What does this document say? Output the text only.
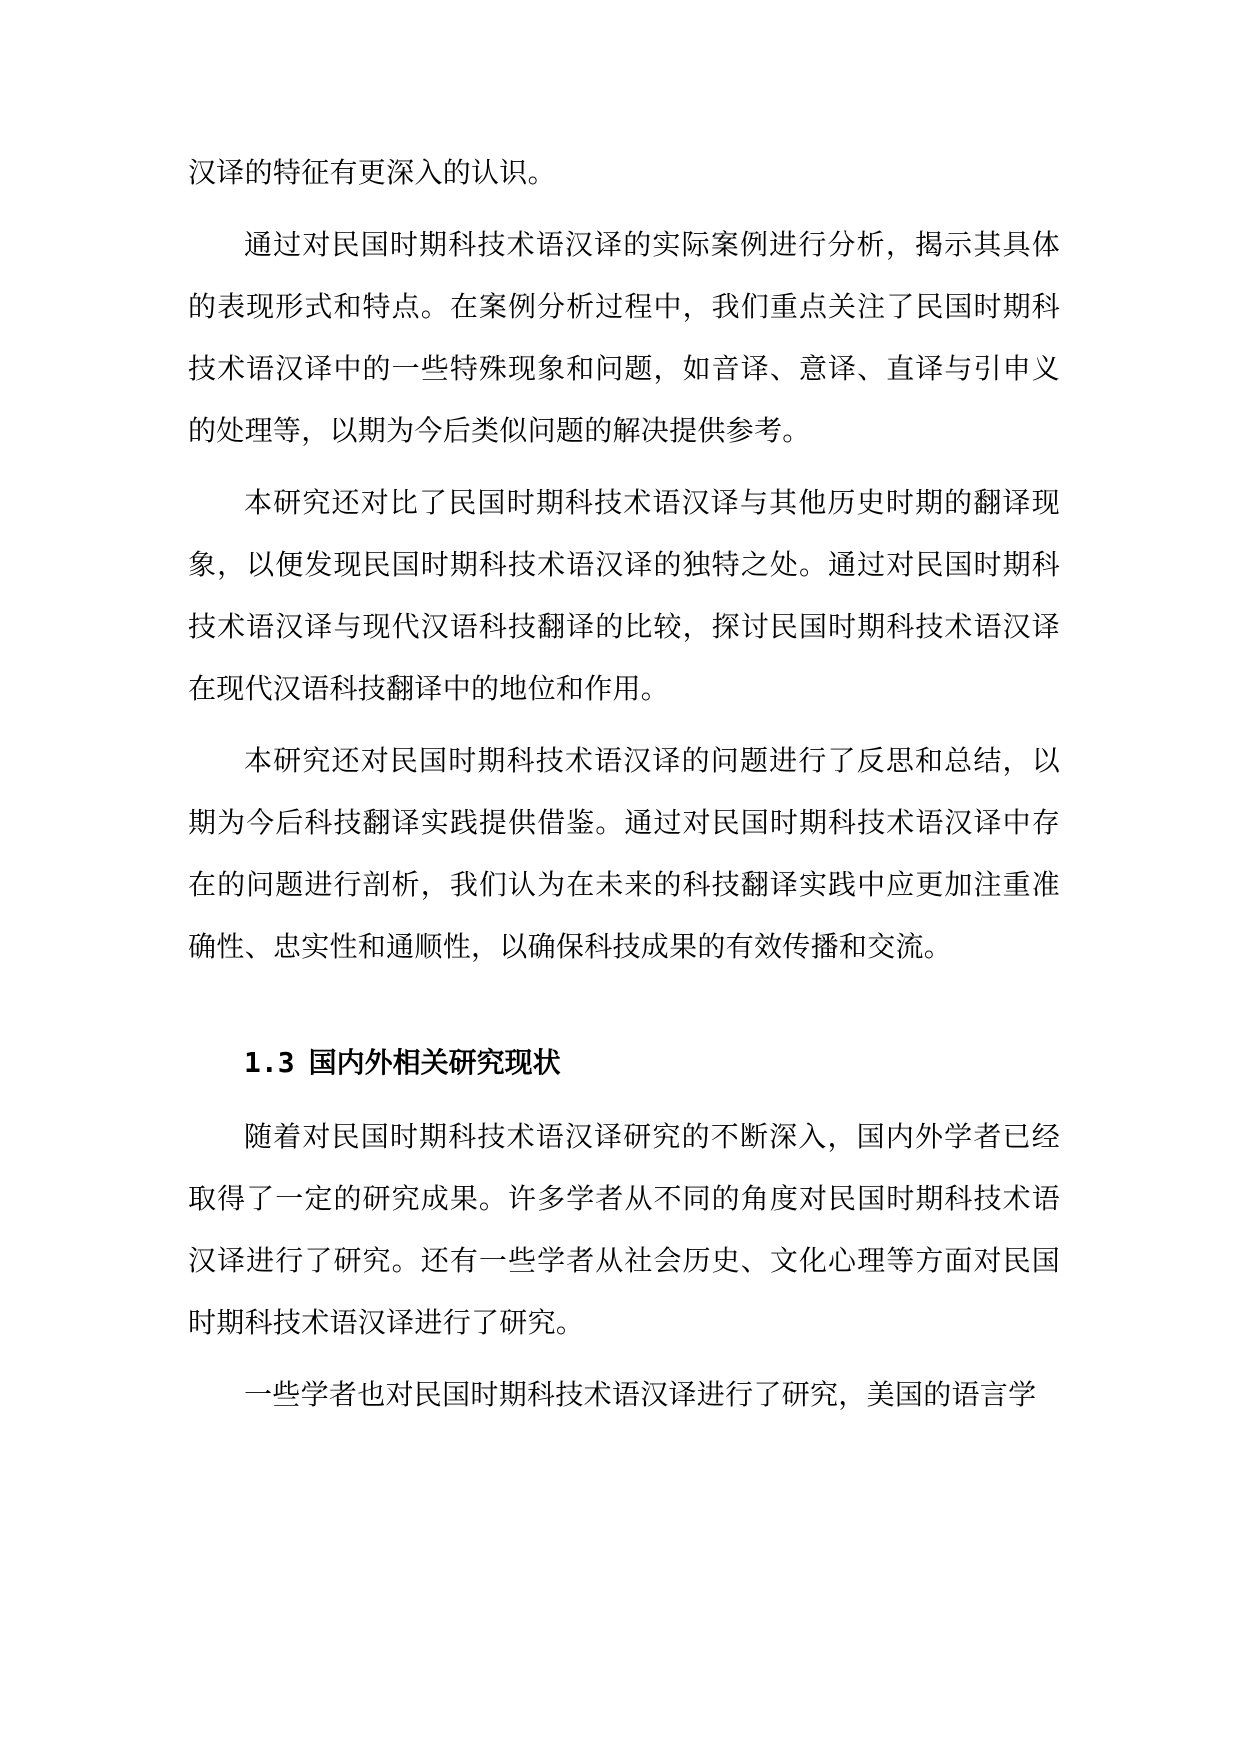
汉译的特征有更深入的认识。

通过对民国时期科技术语汉译的实际案例进行分析，揭示其具体的表现形式和特点。在案例分析过程中，我们重点关注了民国时期科技术语汉译中的一些特殊现象和问题，如音译、意译、直译与引申义的处理等，以期为今后类似问题的解决提供参考。

本研究还对比了民国时期科技术语汉译与其他历史时期的翻译现象，以便发现民国时期科技术语汉译的独特之处。通过对民国时期科技术语汉译与现代汉语科技翻译的比较，探讨民国时期科技术语汉译在现代汉语科技翻译中的地位和作用。

本研究还对民国时期科技术语汉译的问题进行了反思和总结，以期为今后科技翻译实践提供借鉴。通过对民国时期科技术语汉译中存在的问题进行剖析，我们认为在未来的科技翻译实践中应更加注重准确性、忠实性和通顺性，以确保科技成果的有效传播和交流。

1.3 国内外相关研究现状

随着对民国时期科技术语汉译研究的不断深入，国内外学者已经取得了一定的研究成果。许多学者从不同的角度对民国时期科技术语汉译进行了研究。还有一些学者从社会历史、文化心理等方面对民国时期科技术语汉译进行了研究。

一些学者也对民国时期科技术语汉译进行了研究，美国的语言学
